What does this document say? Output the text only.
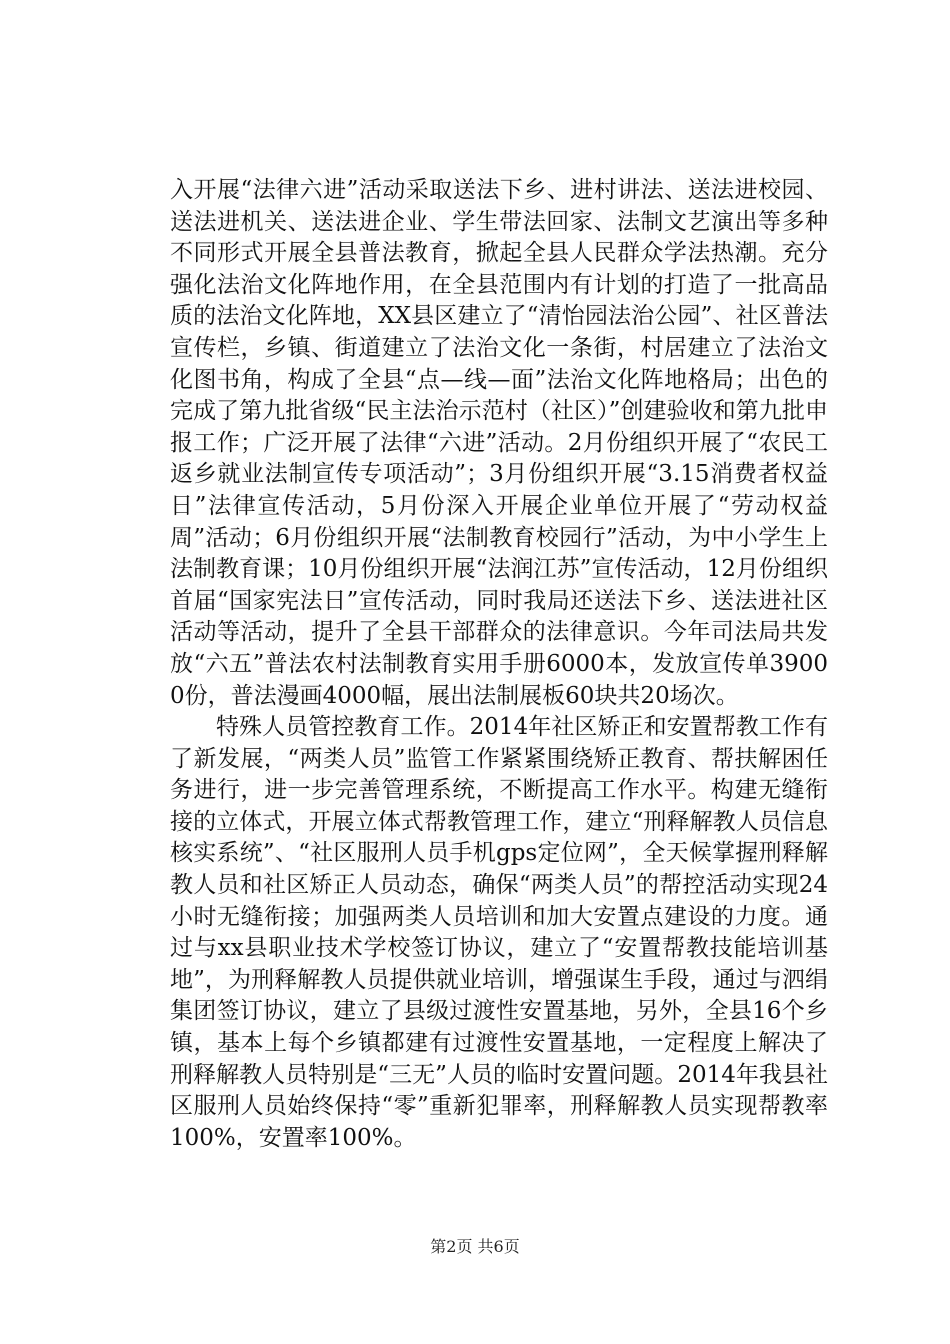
入开展“法律六进”活动采取送法下乡、进村讲法、送法进校园、送法进机关、送法进企业、学生带法回家、法制文艺演出等多种不同形式开展全县普法教育，掀起全县人民群众学法热潮。充分强化法治文化阵地作用，在全县范围内有计划的打造了一批高品质的法治文化阵地，XX县区建立了“清怡园法治公园”、社区普法宣传栏，乡镇、街道建立了法治文化一条街，村居建立了法治文化图书角，构成了全县“点—线—面”法治文化阵地格局；出色的完成了第九批省级“民主法治示范村（社区）”创建验收和第九批申报工作；广泛开展了法律“六进”活动。2月份组织开展了“农民工返乡就业法制宣传专项活动”；3月份组织开展“3.15消费者权益日”法律宣传活动，5月份深入开展企业单位开展了“劳动权益周”活动；6月份组织开展“法制教育校园行”活动，为中小学生上法制教育课；10月份组织开展“法润江苏”宣传活动，12月份组织首届“国家宪法日”宣传活动，同时我局还送法下乡、送法进社区活动等活动，提升了全县干部群众的法律意识。今年司法局共发放“六五”普法农村法制教育实用手册6000本，发放宣传单39000份，普法漫画4000幅，展出法制展板60块共20场次。

特殊人员管控教育工作。2014年社区矫正和安置帮教工作有了新发展，“两类人员”监管工作紧紧围绕矫正教育、帮扶解困任务进行，进一步完善管理系统，不断提高工作水平。构建无缝衔接的立体式，开展立体式帮教管理工作，建立“刑释解教人员信息核实系统”、“社区服刑人员手机gps定位网”，全天候掌握刑释解教人员和社区矫正人员动态，确保“两类人员”的帮控活动实现24小时无缝衔接；加强两类人员培训和加大安置点建设的力度。通过与xx县职业技术学校签订协议，建立了“安置帮教技能培训基地”，为刑释解教人员提供就业培训，增强谋生手段，通过与泗绢集团签订协议，建立了县级过渡性安置基地，另外，全县16个乡镇，基本上每个乡镇都建有过渡性安置基地，一定程度上解决了刑释解教人员特别是“三无”人员的临时安置问题。2014年我县社区服刑人员始终保持“零”重新犯罪率，刑释解教人员实现帮教率100%，安置率100%。

第2页 共6页
